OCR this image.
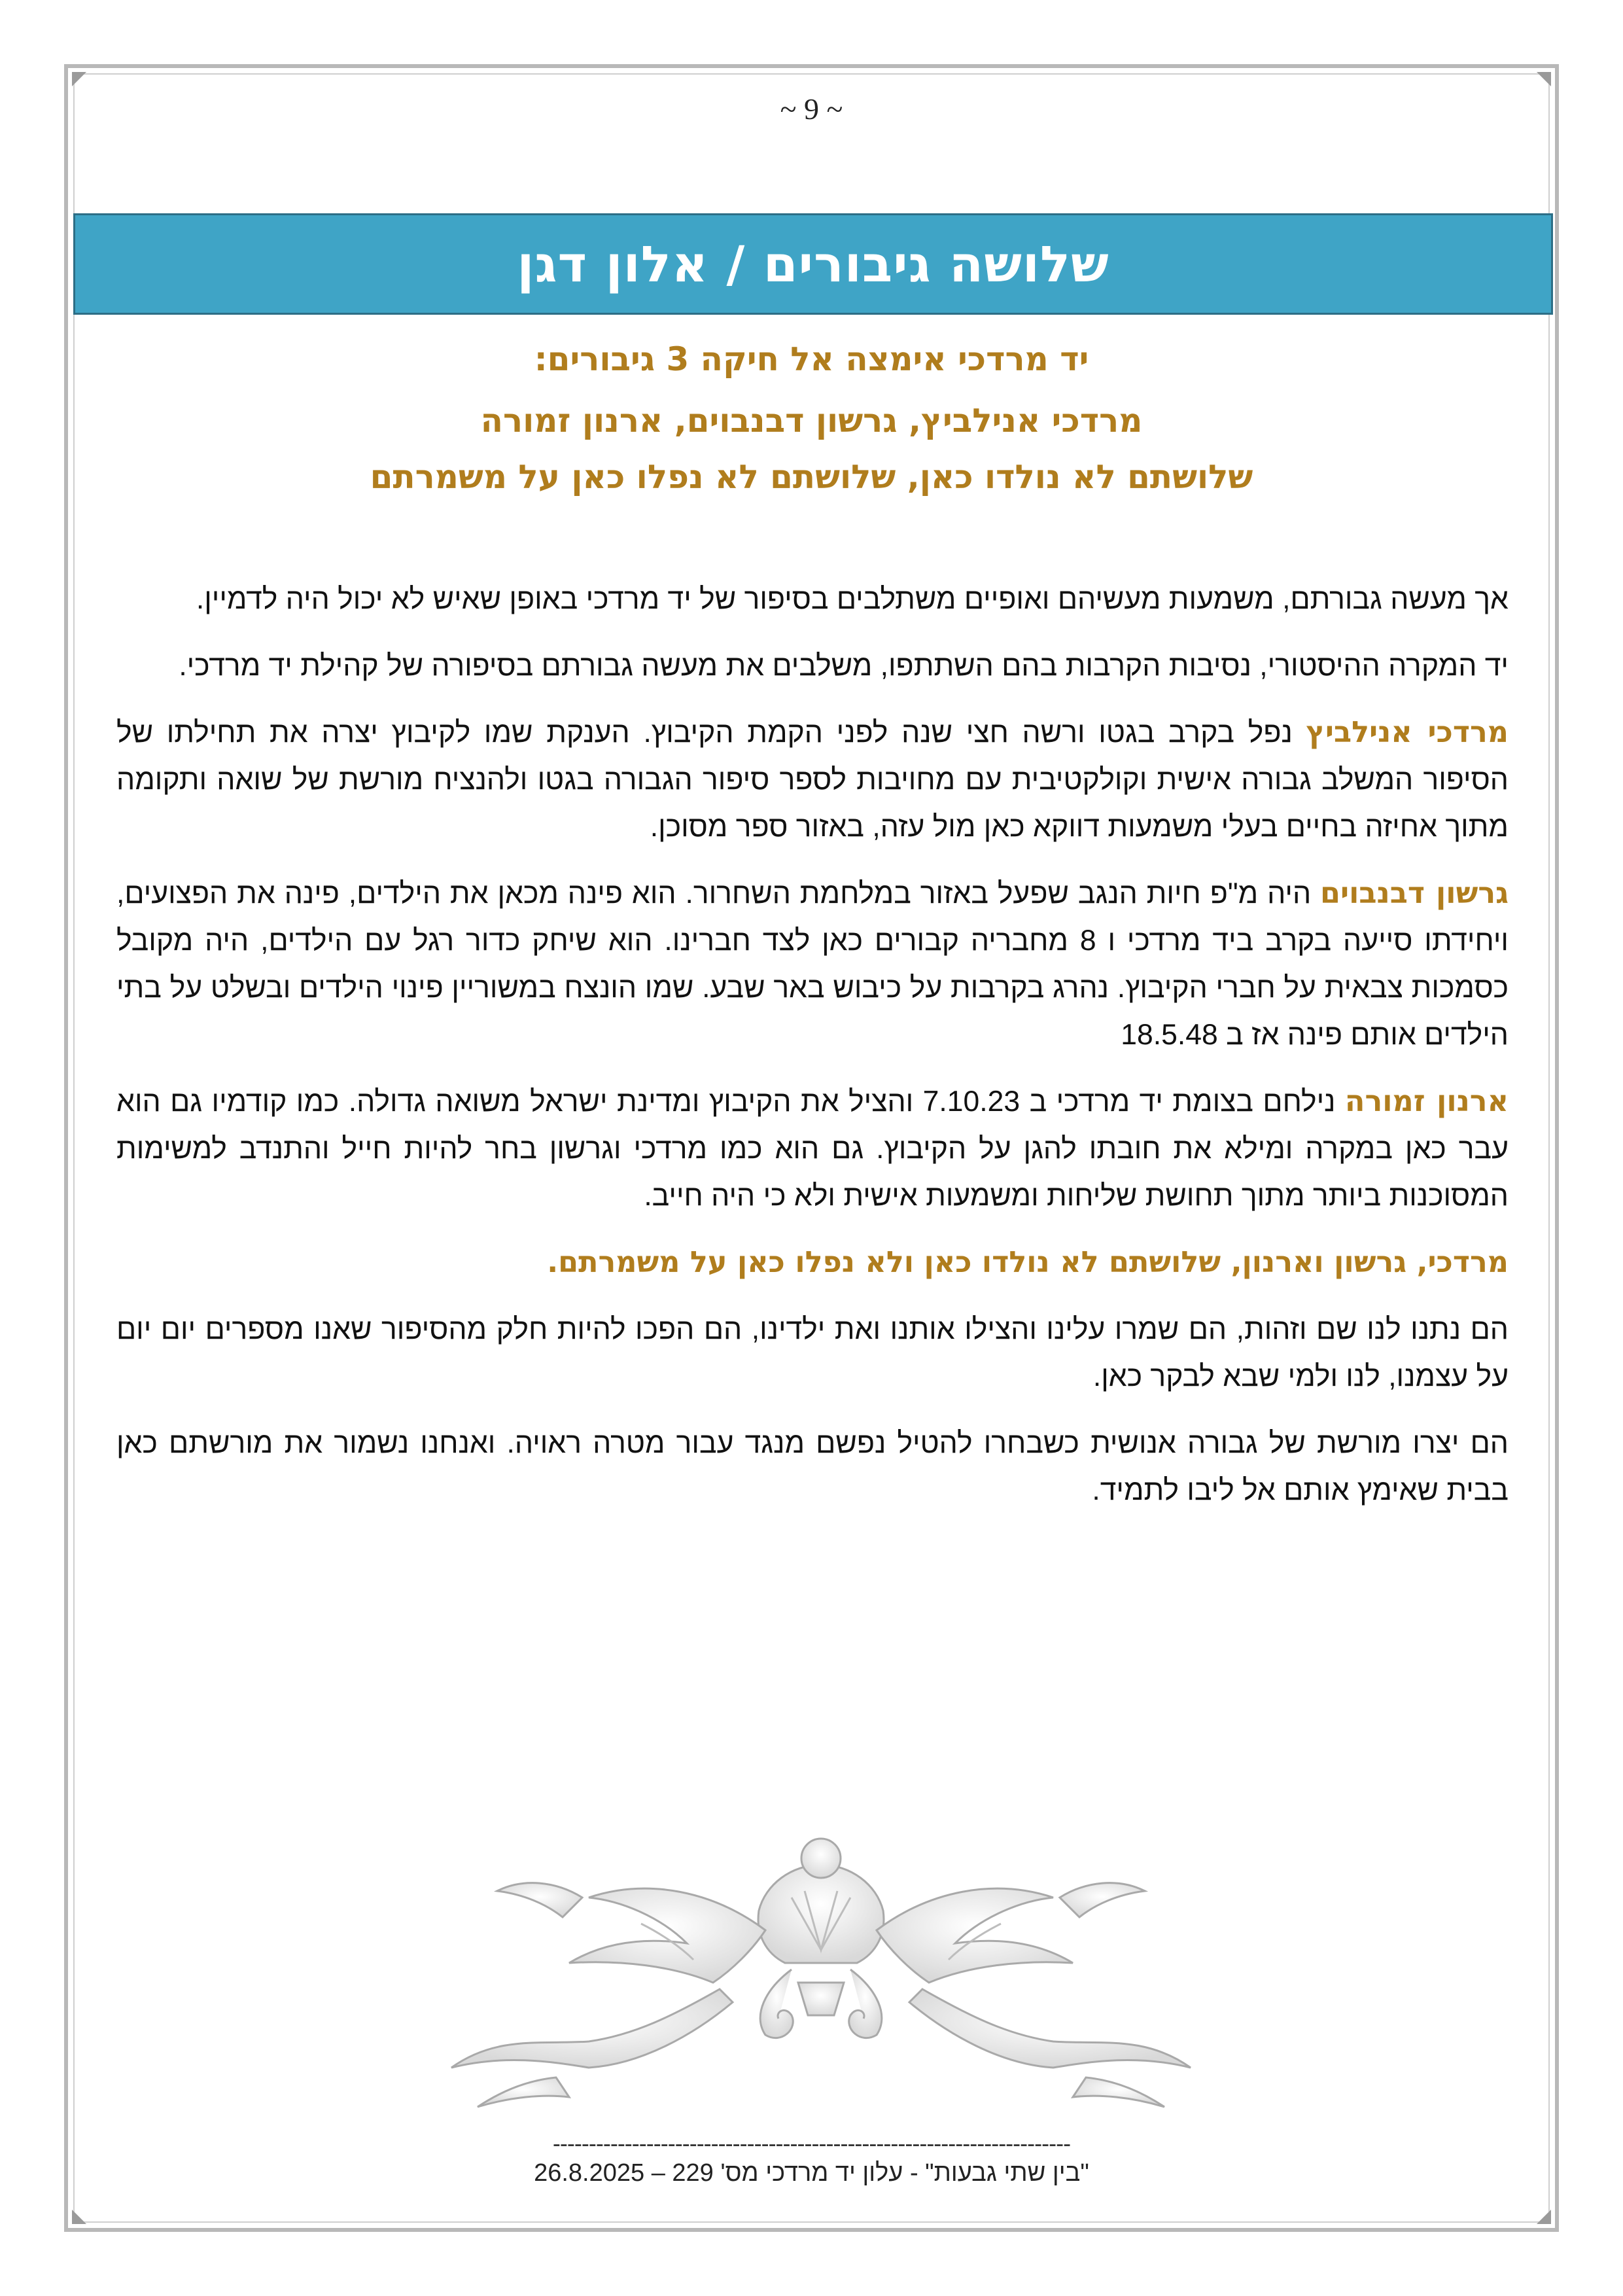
~ 9 ~
שלושה גיבורים / אלון דגן
יד מרדכי אימצה אל חיקה 3 גיבורים:
מרדכי אנילביץ, גרשון דבנבוים, ארנון זמורה
שלושתם לא נולדו כאן, שלושתם לא נפלו כאן על משמרתם

אך מעשה גבורתם, משמעות מעשיהם ואופיים משתלבים בסיפור של יד מרדכי באופן שאיש לא יכול היה לדמיין.

יד המקרה ההיסטורי, נסיבות הקרבות בהם השתתפו, משלבים את מעשה גבורתם בסיפורה של קהילת יד מרדכי.

מרדכי אנילביץ נפל בקרב בגטו ורשה חצי שנה לפני הקמת הקיבוץ. הענקת שמו לקיבוץ יצרה את תחילתו של הסיפור המשלב גבורה אישית וקולקטיבית עם מחויבות לספר סיפור הגבורה בגטו ולהנציח מורשת של שואה ותקומה מתוך אחיזה בחיים בעלי משמעות דווקא כאן מול עזה, באזור ספר מסוכן.

גרשון דבנבוים היה מ"פ חיות הנגב שפעל באזור במלחמת השחרור. הוא פינה מכאן את הילדים, פינה את הפצועים, ויחידתו סייעה בקרב ביד מרדכי ו 8 מחבריה קבורים כאן לצד חברינו. הוא שיחק כדור רגל עם הילדים, היה מקובל כסמכות צבאית על חברי הקיבוץ. נהרג בקרבות על כיבוש באר שבע. שמו הונצח במשוריין פינוי הילדים ובשלט על בתי הילדים אותם פינה אז ב 18.5.48

ארנון זמורה נילחם בצומת יד מרדכי ב 7.10.23 והציל את הקיבוץ ומדינת ישראל משואה גדולה. כמו קודמיו גם הוא עבר כאן במקרה ומילא את חובתו להגן על הקיבוץ. גם הוא כמו מרדכי וגרשון בחר להיות חייל והתנדב למשימות המסוכנות ביותר מתוך תחושת שליחות ומשמעות אישית ולא כי היה חייב.

מרדכי, גרשון וארנון, שלושתם לא נולדו כאן ולא נפלו כאן על משמרתם.

הם נתנו לנו שם וזהות, הם שמרו עלינו והצילו אותנו ואת ילדינו, הם הפכו להיות חלק מהסיפור שאנו מספרים יום יום על עצמנו, לנו ולמי שבא לבקר כאן.

הם יצרו מורשת של גבורה אנושית כשבחרו להטיל נפשם מנגד עבור מטרה ראויה. ואנחנו נשמור את מורשתם כאן בבית שאימץ אותם אל ליבו לתמיד.

------------------------------------------------------------------------
"בין שתי גבעות" - עלון יד מרדכי מס' 229 – 26.8.2025
